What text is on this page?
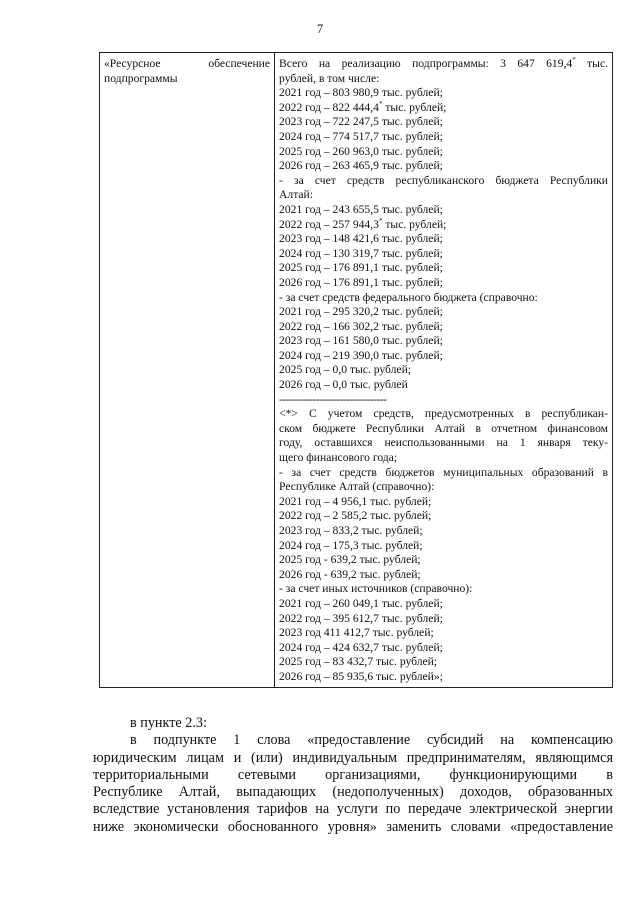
7
«Ресурсное обеспечение подпрограммы

Всего на реализацию подпрограммы: 3 647 619,4* тыс.
рублей, в том числе:
2021 год – 803 980,9 тыс. рублей;
2022 год – 822 444,4* тыс. рублей;
2023 год – 722 247,5 тыс. рублей;
2024 год – 774 517,7 тыс. рублей;
2025 год – 260 963,0 тыс. рублей;
2026 год – 263 465,9 тыс. рублей;
- за счет средств республиканского бюджета Республики
Алтай:
2021 год – 243 655,5 тыс. рублей;
2022 год – 257 944,3* тыс. рублей;
2023 год – 148 421,6 тыс. рублей;
2024 год – 130 319,7 тыс. рублей;
2025 год – 176 891,1 тыс. рублей;
2026 год – 176 891,1 тыс. рублей;
- за счет средств федерального бюджета (справочно:
2021 год – 295 320,2 тыс. рублей;
2022 год – 166 302,2 тыс. рублей;
2023 год – 161 580,0 тыс. рублей;
2024 год – 219 390,0 тыс. рублей;
2025 год – 0,0 тыс. рублей;
2026 год – 0,0 тыс. рублей
--------------------------------
<*> С учетом средств, предусмотренных в республикан-
ском бюджете Республики Алтай в отчетном финансовом
году, оставшихся неиспользованными на 1 января теку-
щего финансового года;
- за счет средств бюджетов муниципальных образований в
Республике Алтай (справочно):
2021 год – 4 956,1 тыс. рублей;
2022 год – 2 585,2 тыс. рублей;
2023 год – 833,2 тыс. рублей;
2024 год – 175,3 тыс. рублей;
2025 год - 639,2 тыс. рублей;
2026 год - 639,2 тыс. рублей;
- за счет иных источников (справочно):
2021 год – 260 049,1 тыс. рублей;
2022 год – 395 612,7 тыс. рублей;
2023 год 411 412,7 тыс. рублей;
2024 год – 424 632,7 тыс. рублей;
2025 год – 83 432,7 тыс. рублей;
2026 год – 85 935,6 тыс. рублей»;

в пункте 2.3:

в подпункте 1 слова «предоставление субсидий на компенсацию

юридическим лицам и (или) индивидуальным предпринимателям, являющимся

территориальными сетевыми организациями, функционирующими в

Республике Алтай, выпадающих (недополученных) доходов, образованных

вследствие установления тарифов на услуги по передаче электрической энергии

ниже экономически обоснованного уровня» заменить словами «предоставление
